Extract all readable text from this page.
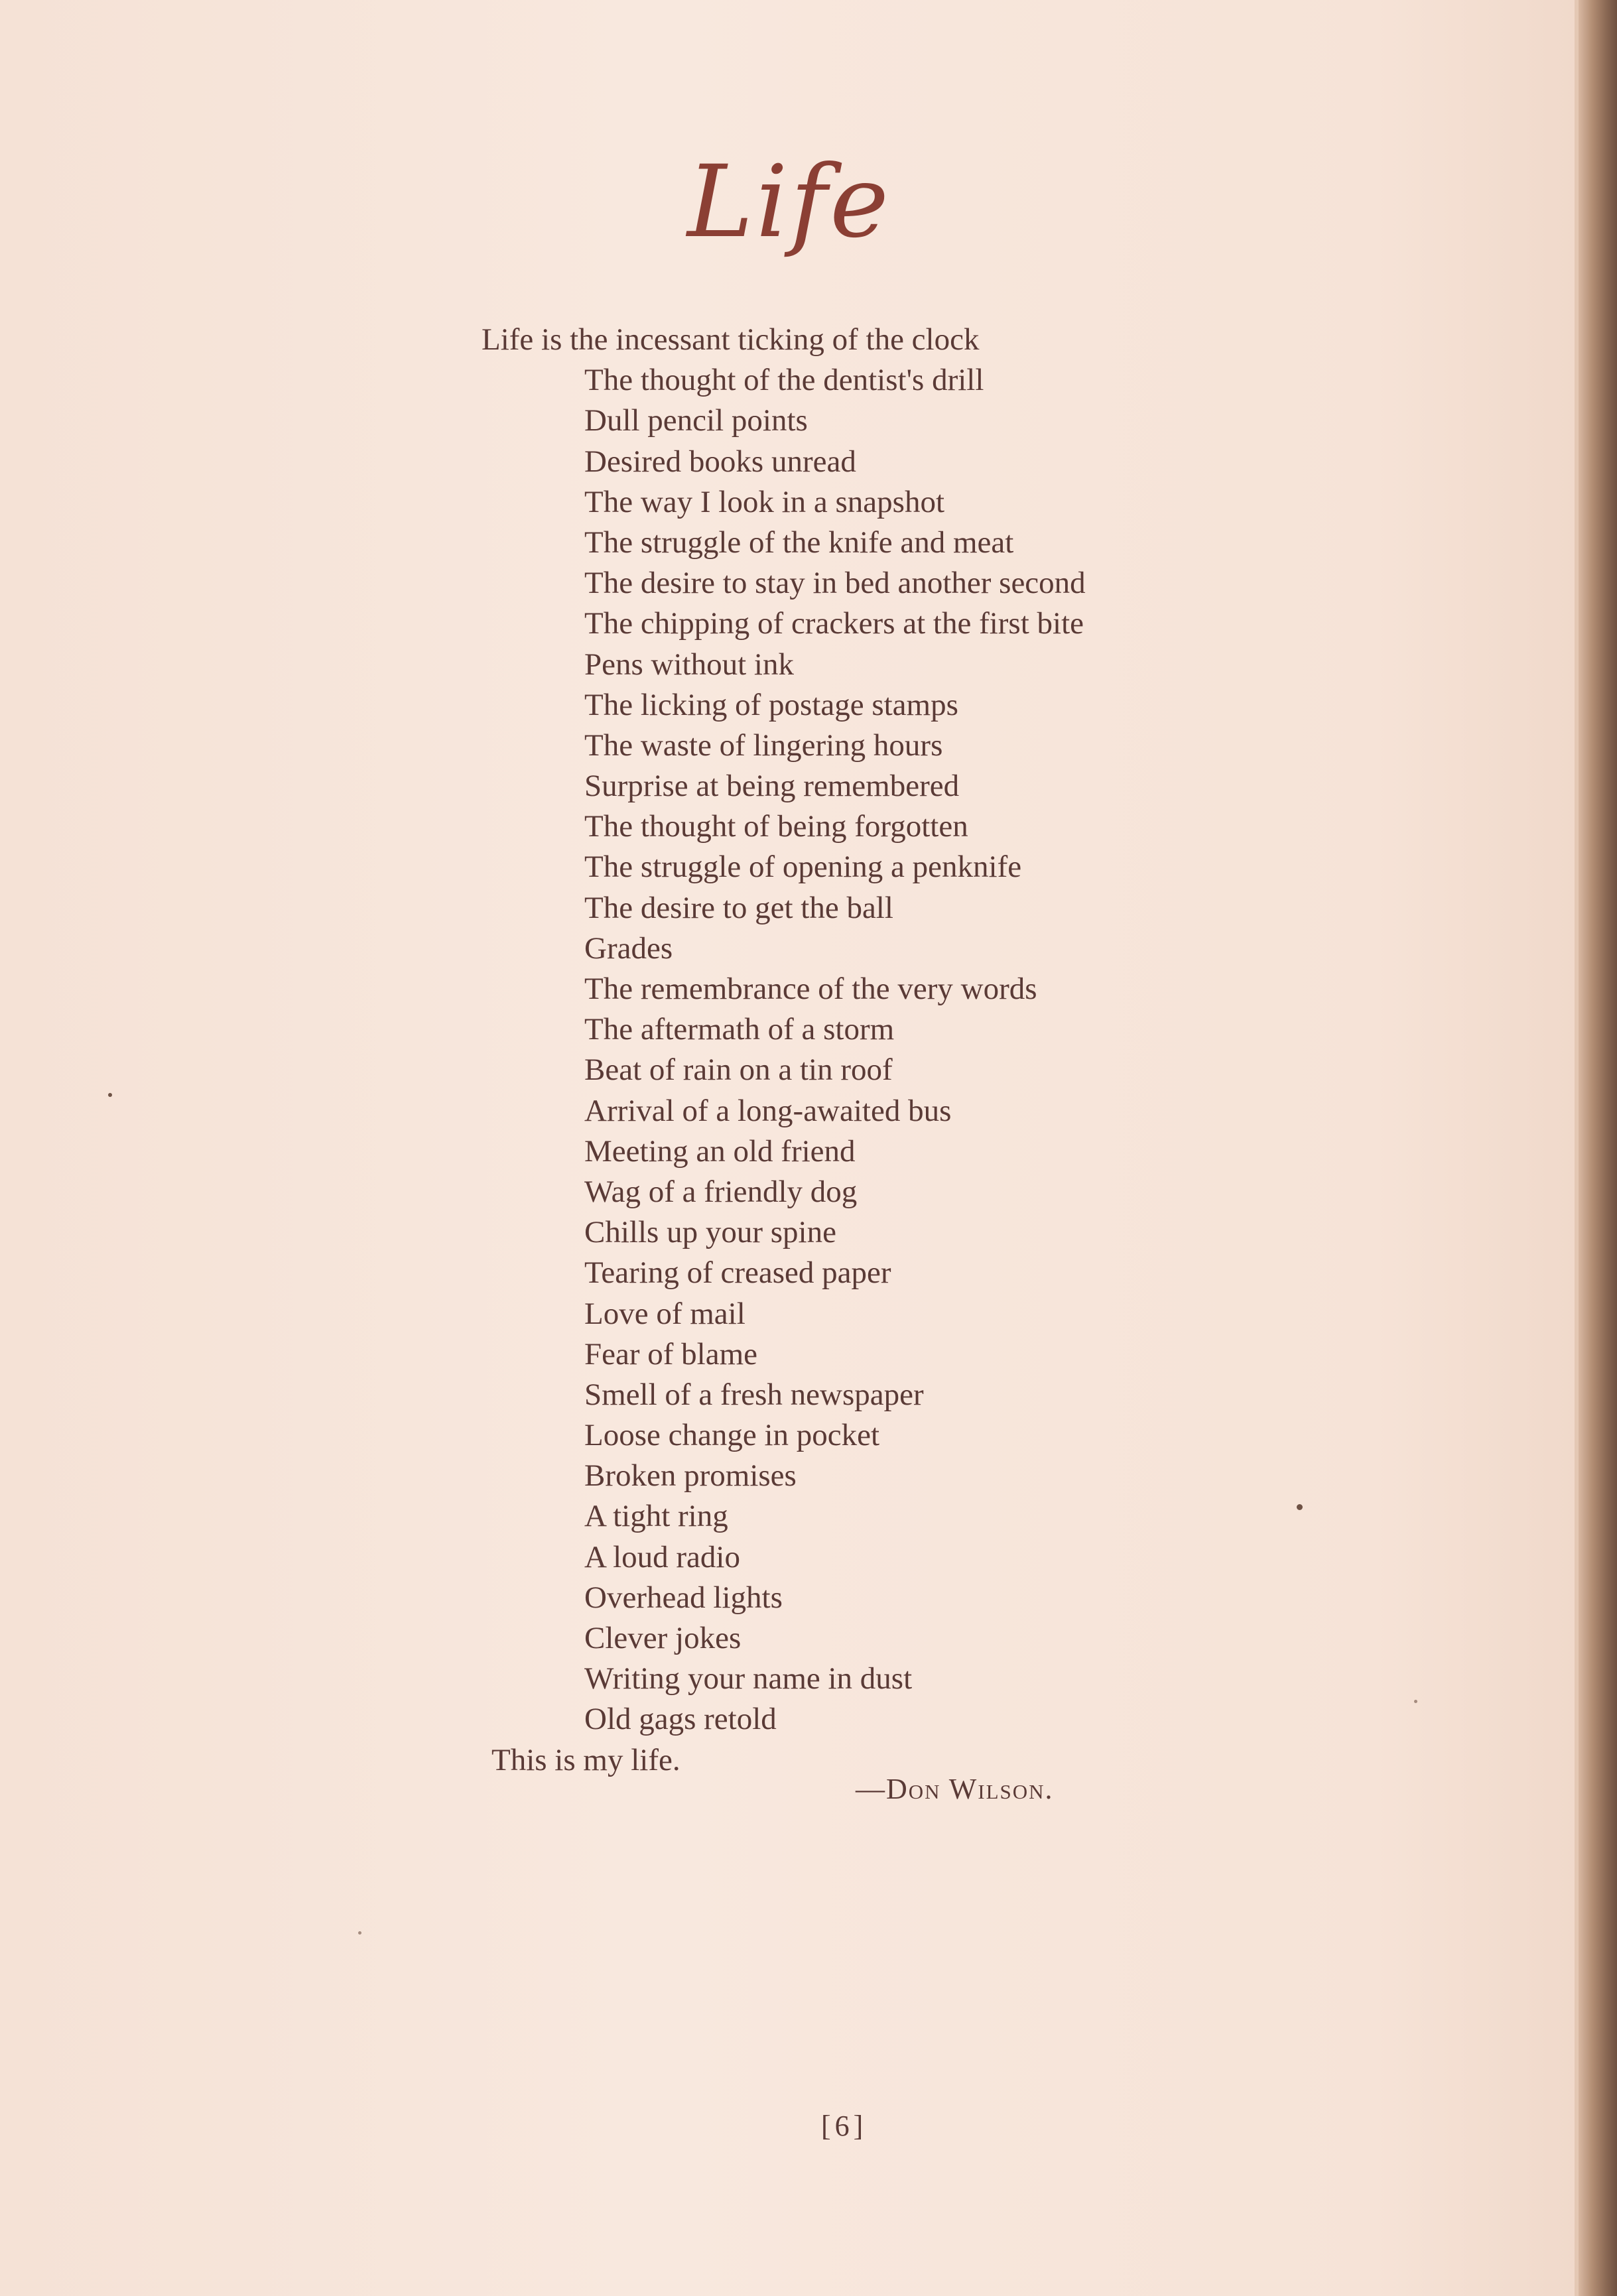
Life
Life is the incessant ticking of the clock
The thought of the dentist's drill
Dull pencil points
Desired books unread
The way I look in a snapshot
The struggle of the knife and meat
The desire to stay in bed another second
The chipping of crackers at the first bite
Pens without ink
The licking of postage stamps
The waste of lingering hours
Surprise at being remembered
The thought of being forgotten
The struggle of opening a penknife
The desire to get the ball
Grades
The remembrance of the very words
The aftermath of a storm
Beat of rain on a tin roof
Arrival of a long-awaited bus
Meeting an old friend
Wag of a friendly dog
Chills up your spine
Tearing of creased paper
Love of mail
Fear of blame
Smell of a fresh newspaper
Loose change in pocket
Broken promises
A tight ring
A loud radio
Overhead lights
Clever jokes
Writing your name in dust
Old gags retold
This is my life.
—Don Wilson.
[6]
